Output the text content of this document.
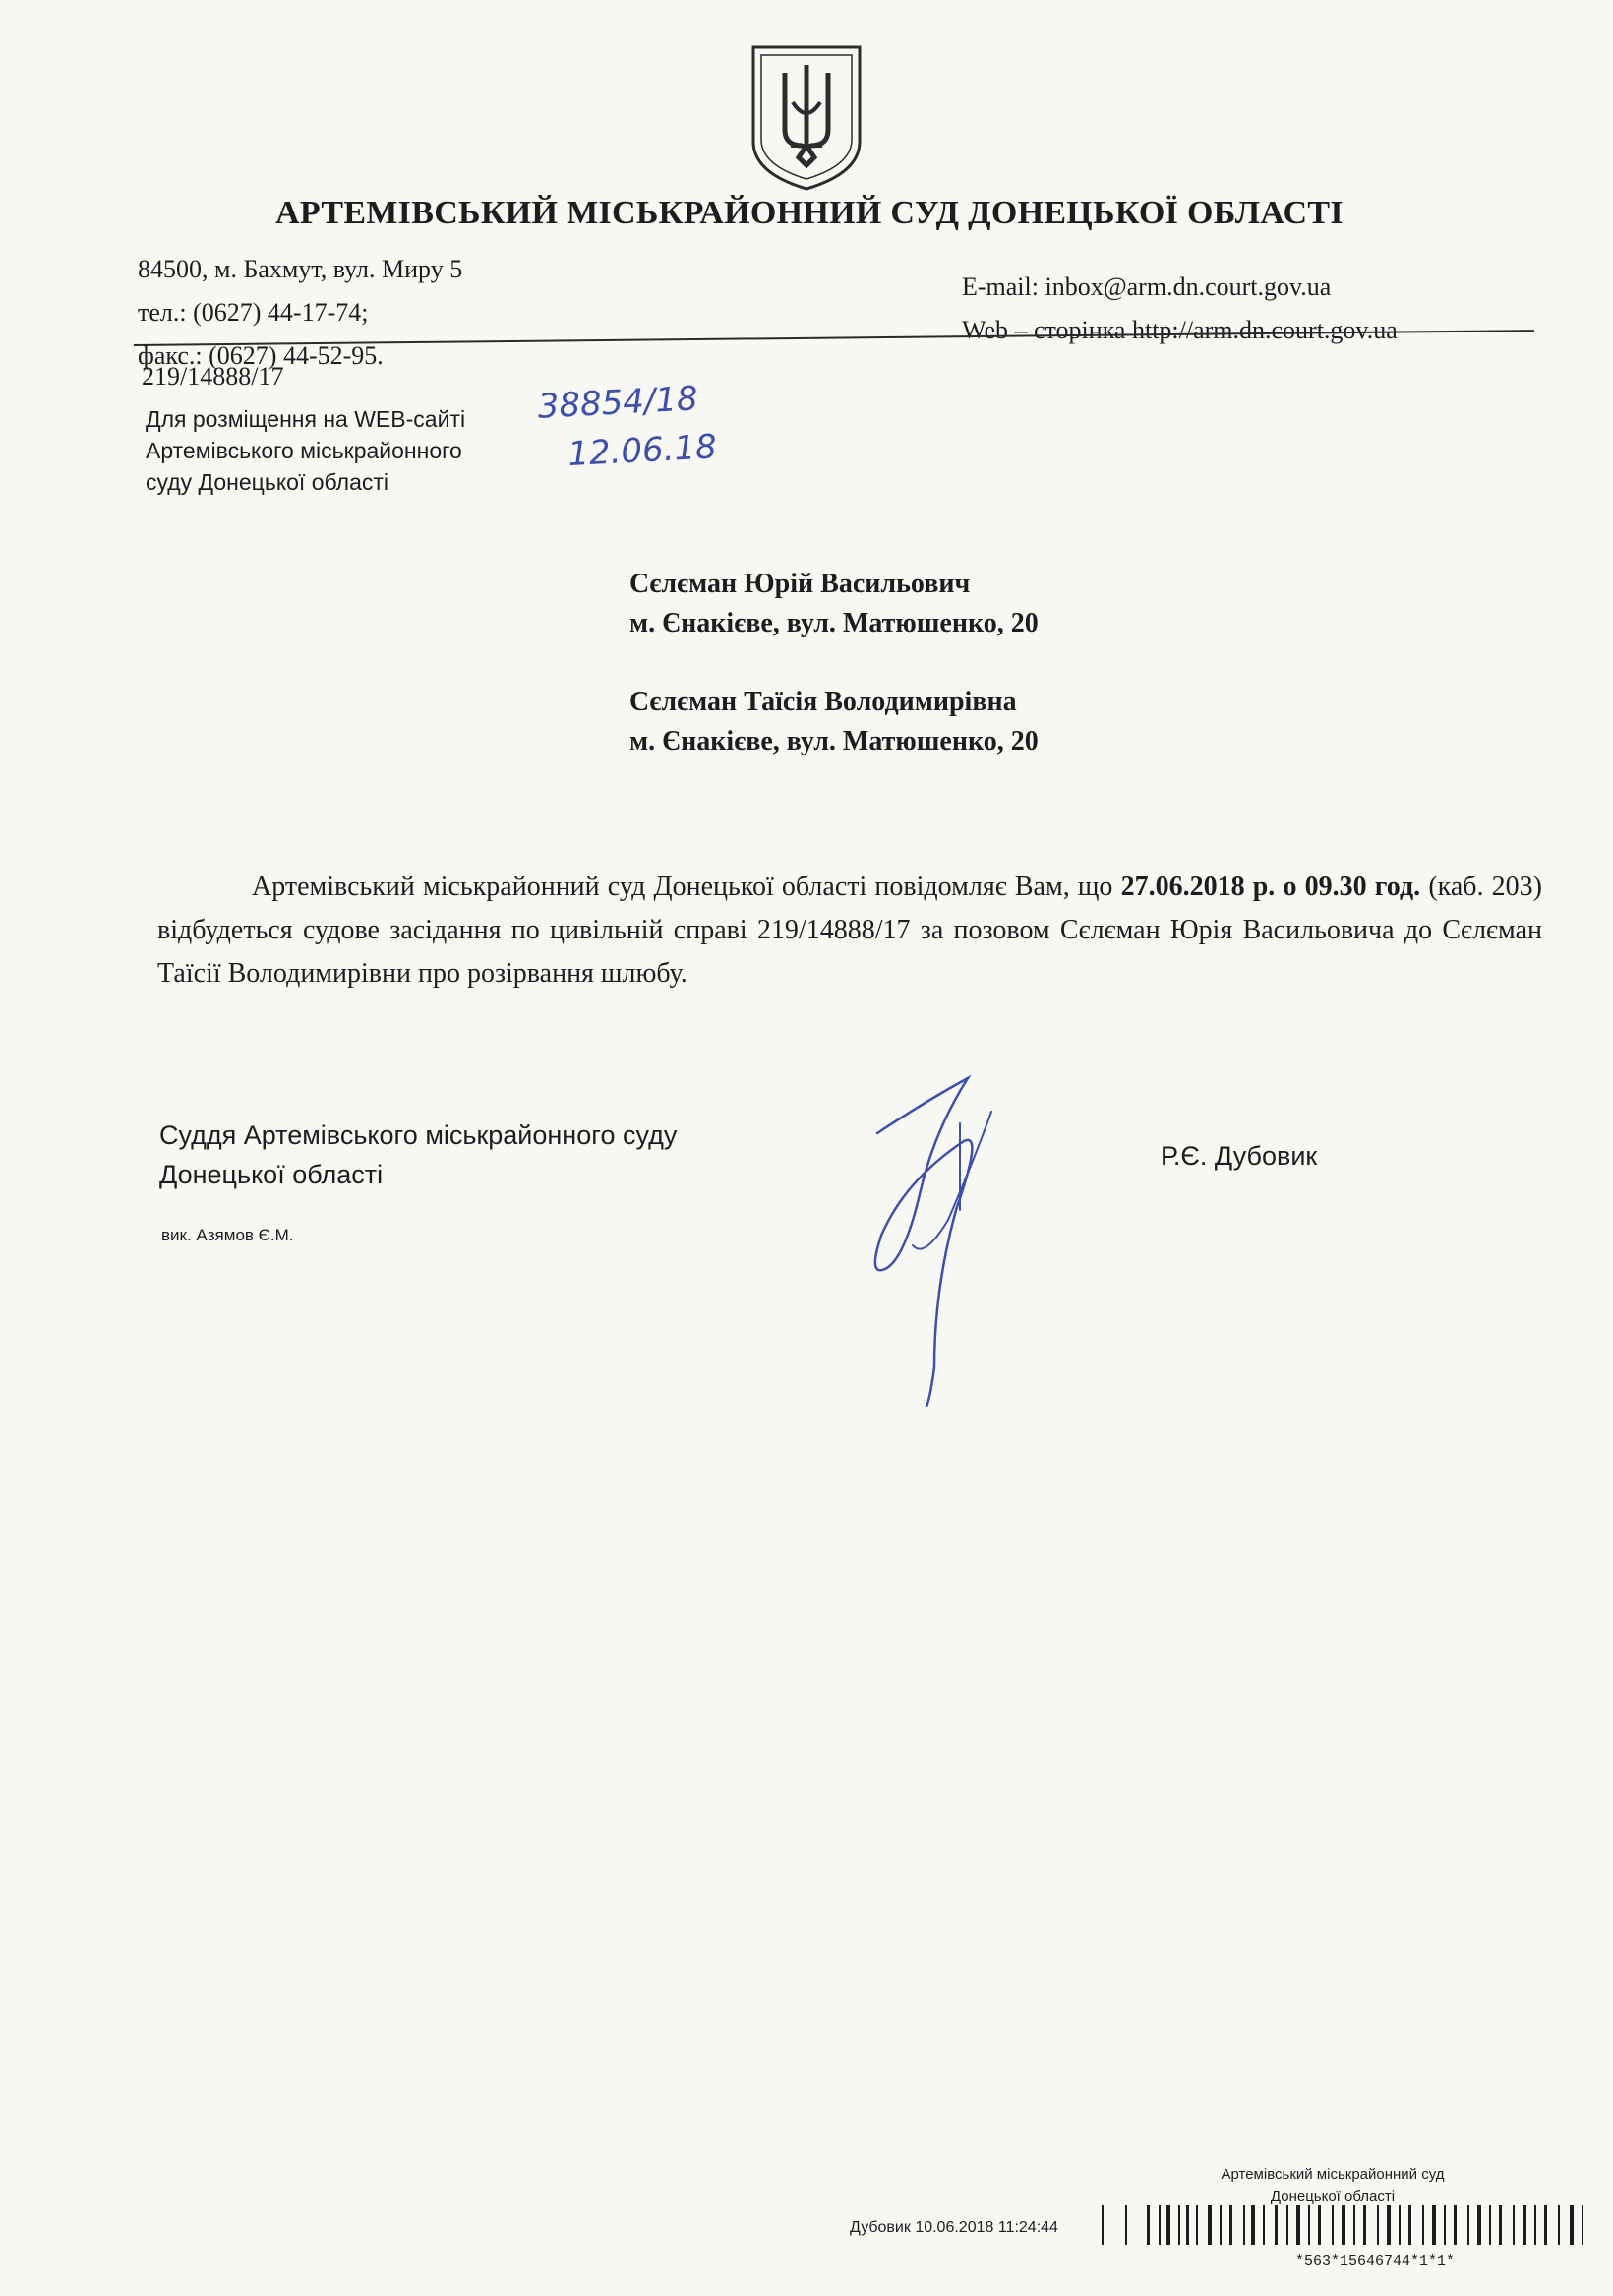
АРТЕМІВСЬКИЙ МІСЬКРАЙОННИЙ СУД ДОНЕЦЬКОЇ ОБЛАСТІ
84500, м. Бахмут, вул. Миру 5
тел.: (0627) 44-17-74;
факс.: (0627) 44-52-95.
E-mail: inbox@arm.dn.court.gov.ua
Web – сторінка http://arm.dn.court.gov.ua
219/14888/17
Для розміщення на WEB-сайті
Артемівського міськрайонного
суду Донецької області
38854/18
12.06.18
Сєлєман Юрій Васильович
м. Єнакієве, вул. Матюшенко, 20
Сєлєман Таїсія Володимирівна
м. Єнакієве, вул. Матюшенко, 20
Артемівський міськрайонний суд Донецької області повідомляє Вам, що 27.06.2018 р. о 09.30 год. (каб. 203) відбудеться судове засідання по цивільній справі 219/14888/17 за позовом Сєлєман Юрія Васильовича до Сєлєман Таїсії Володимирівни про розірвання шлюбу.
Суддя Артемівського міськрайонного суду
Донецької області
Р.Є. Дубовик
вик. Азямов Є.М.
Артемівський міськрайонний суд
Донецької області
Дубовик 10.06.2018 11:24:44
*563*15646744*1*1*
